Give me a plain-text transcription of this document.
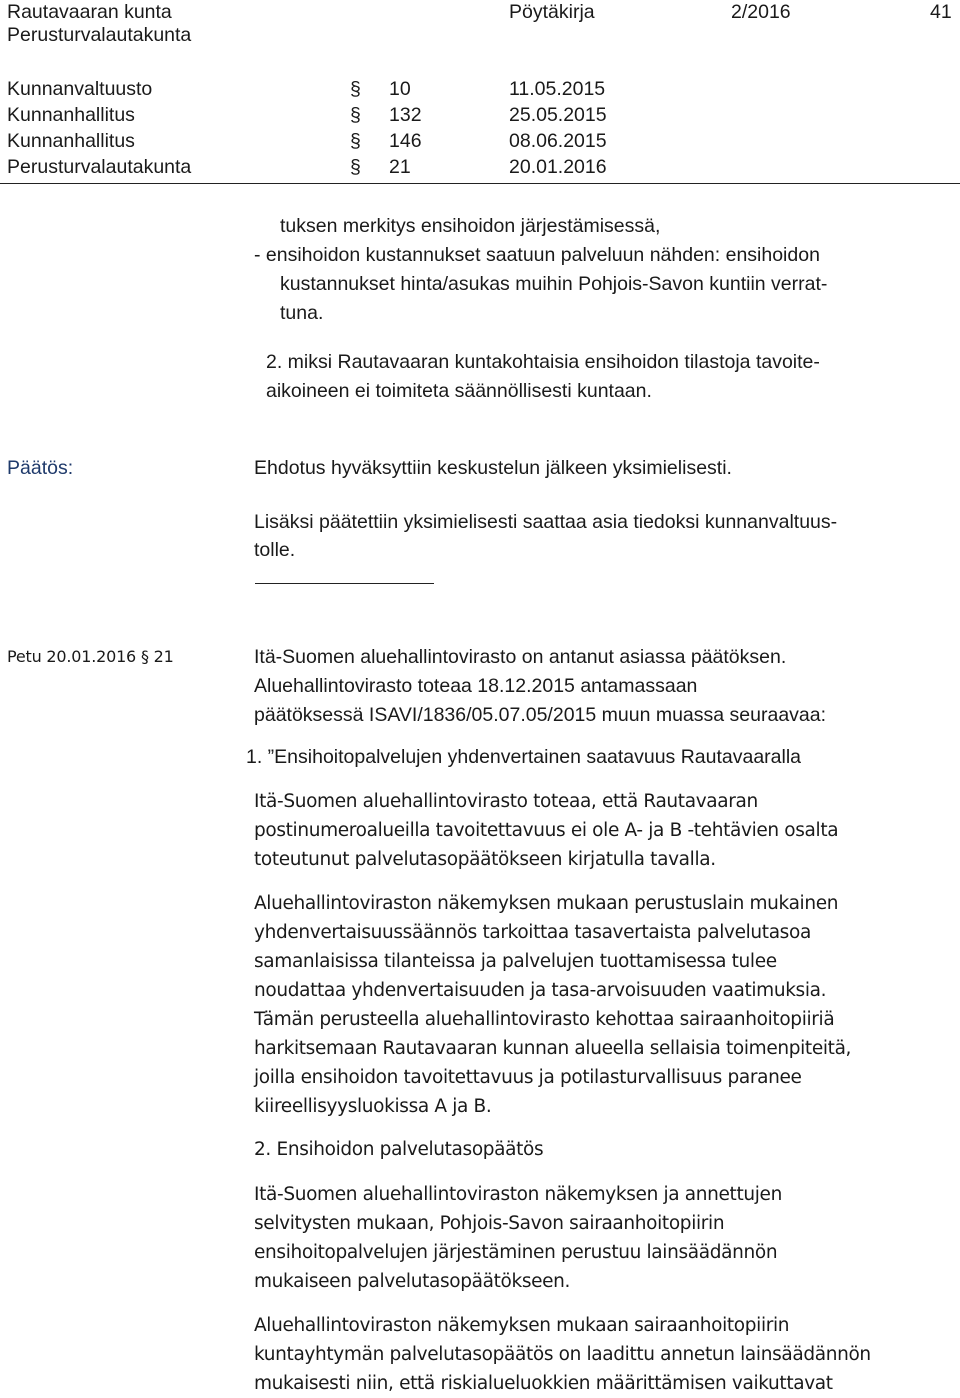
Rautavaaran kunta
Perusturvalautakunta
Pöytäkirja	2/2016	41
Kunnanvaltuusto	§ 10	11.05.2015
Kunnanhallitus	§ 132	25.05.2015
Kunnanhallitus	§ 146	08.06.2015
Perusturvalautakunta	§ 21	20.01.2016
tuksen merkitys ensihoidon järjestämisessä,
- ensihoidon kustannukset saatuun palveluun nähden: ensihoidon
kustannukset hinta/asukas muihin Pohjois-Savon kuntiin verrat-
tuna.
2. miksi Rautavaaran kuntakohtaisia ensihoidon tilastoja tavoite-
aikoineen ei toimiteta säännöllisesti kuntaan.
Päätös:	Ehdotus hyväksyttiin keskustelun jälkeen yksimielisesti.
Lisäksi päätettiin yksimielisesti saattaa asia tiedoksi kunnanvaltuus-
tolle.
Petu 20.01.2016 § 21	Itä-Suomen aluehallintovirasto on antanut asiassa päätöksen.
Aluehallintovirasto toteaa 18.12.2015 antamassaan
päätöksessä ISAVI/1836/05.07.05/2015 muun muassa seuraavaa:
1. ”Ensihoitopalvelujen yhdenvertainen saatavuus Rautavaaralla
Itä-Suomen aluehallintovirasto toteaa, että Rautavaaran
postinumeroalueilla tavoitettavuus ei ole A- ja B -tehtävien osalta
toteutunut palvelutasopäätökseen kirjatulla tavalla.
Aluehallintoviraston näkemyksen mukaan perustuslain mukainen
yhdenvertaisuussäännös tarkoittaa tasavertaista palvelutasoa
samanlaisissa tilanteissa ja palvelujen tuottamisessa tulee
noudattaa yhdenvertaisuuden ja tasa-arvoisuuden vaatimuksia.
Tämän perusteella aluehallintovirasto kehottaa sairaanhoitopiiriä
harkitsemaan Rautavaaran kunnan alueella sellaisia toimenpiteitä,
joilla ensihoidon tavoitettavuus ja potilasturvallisuus paranee
kiireellisyysluokissa A ja B.
2. Ensihoidon palvelutasopäätös
Itä-Suomen aluehallintoviraston näkemyksen ja annettujen
selvitysten mukaan, Pohjois-Savon sairaanhoitopiirin
ensihoitopalvelujen järjestäminen perustuu lainsäädännön
mukaiseen palvelutasopäätökseen.
Aluehallintoviraston näkemyksen mukaan sairaanhoitopiirin
kuntayhtymän palvelutasopäätös on laadittu annetun lainsäädännön
mukaisesti niin, että riskialueluokkien määrittämisen vaikuttavat
